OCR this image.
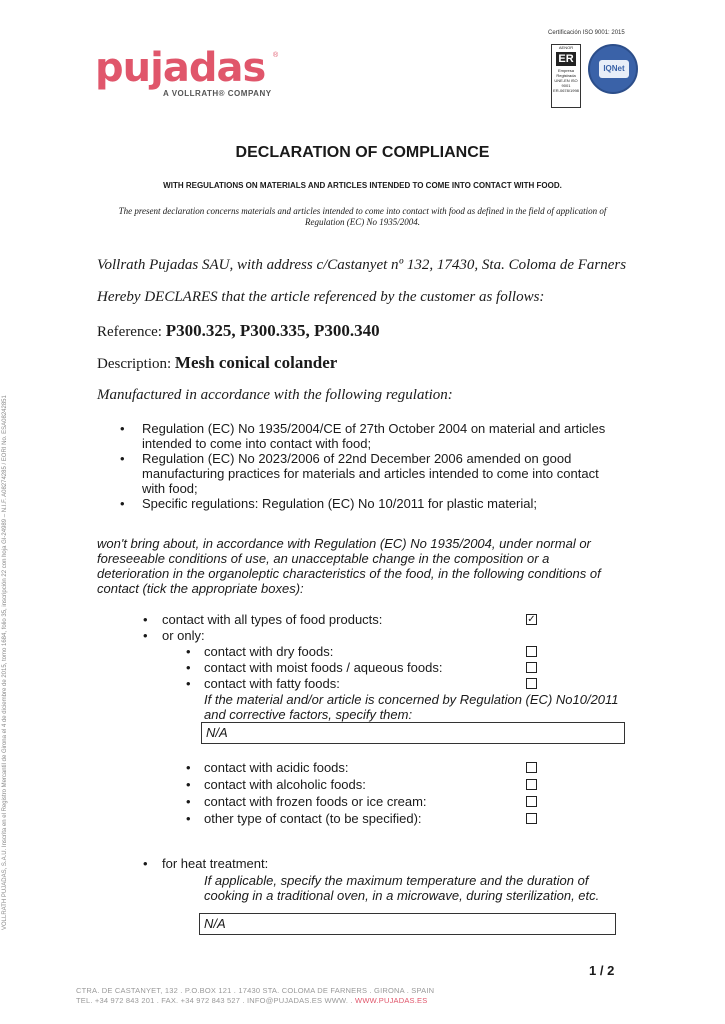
pujadas ®
A VOLLRATH® COMPANY
Certificación ISO 9001: 2015
AENOR
ER
Empresa
Registrada
UNE-EN ISO 9001
ER-0678/1998
IQNet
VOLLRATH PUJADAS, S.A.U. Inscrita en el Registro Mercantil de Girona el 4 de diciembre de 2015, tomo 1684, folio 35, inscripción 22 con hoja GI-24989 – N.I.F. A08274285 / EORI No. ESA08242851
DECLARATION OF COMPLIANCE
WITH REGULATIONS ON MATERIALS AND ARTICLES INTENDED TO COME INTO CONTACT WITH FOOD.
The present declaration concerns materials and articles intended to come into contact with food as defined in the field of application of Regulation (EC) No 1935/2004.
Vollrath Pujadas SAU, with address c/Castanyet nº 132, 17430, Sta. Coloma de Farners
Hereby DECLARES that the article referenced by the customer as follows:
Reference: P300.325, P300.335, P300.340
Description: Mesh conical colander
Manufactured in accordance with the following regulation:
• Regulation (EC) No 1935/2004/CE of 27th October 2004 on material and articles intended to come into contact with food;
• Regulation (EC) No 2023/2006 of 22nd December 2006 amended on good manufacturing practices for materials and articles intended to come into contact with food;
• Specific regulations: Regulation (EC) No 10/2011 for plastic material;
won't bring about, in accordance with Regulation (EC) No 1935/2004, under normal or foreseeable conditions of use, an unacceptable change in the composition or a deterioration in the organoleptic characteristics of the food, in the following conditions of contact (tick the appropriate boxes):
• contact with all types of food products:	✓
• or only:
• contact with dry foods:
• contact with moist foods / aqueous foods:
• contact with fatty foods:
If the material and/or article is concerned by Regulation (EC) No10/2011 and corrective factors, specify them:
N/A
• contact with acidic foods:
• contact with alcoholic foods:
• contact with frozen foods or ice cream:
• other type of contact (to be specified):
• for heat treatment:
If applicable, specify the maximum temperature and the duration of cooking in a traditional oven, in a microwave, during sterilization, etc.
N/A
1 / 2
CTRA. DE CASTANYET, 132 . P.O.BOX 121 . 17430 STA. COLOMA DE FARNERS . GIRONA . SPAIN
TEL. +34 972 843 201 . FAX. +34 972 843 527 . INFO@PUJADAS.ES WWW. . WWW.PUJADAS.ES
